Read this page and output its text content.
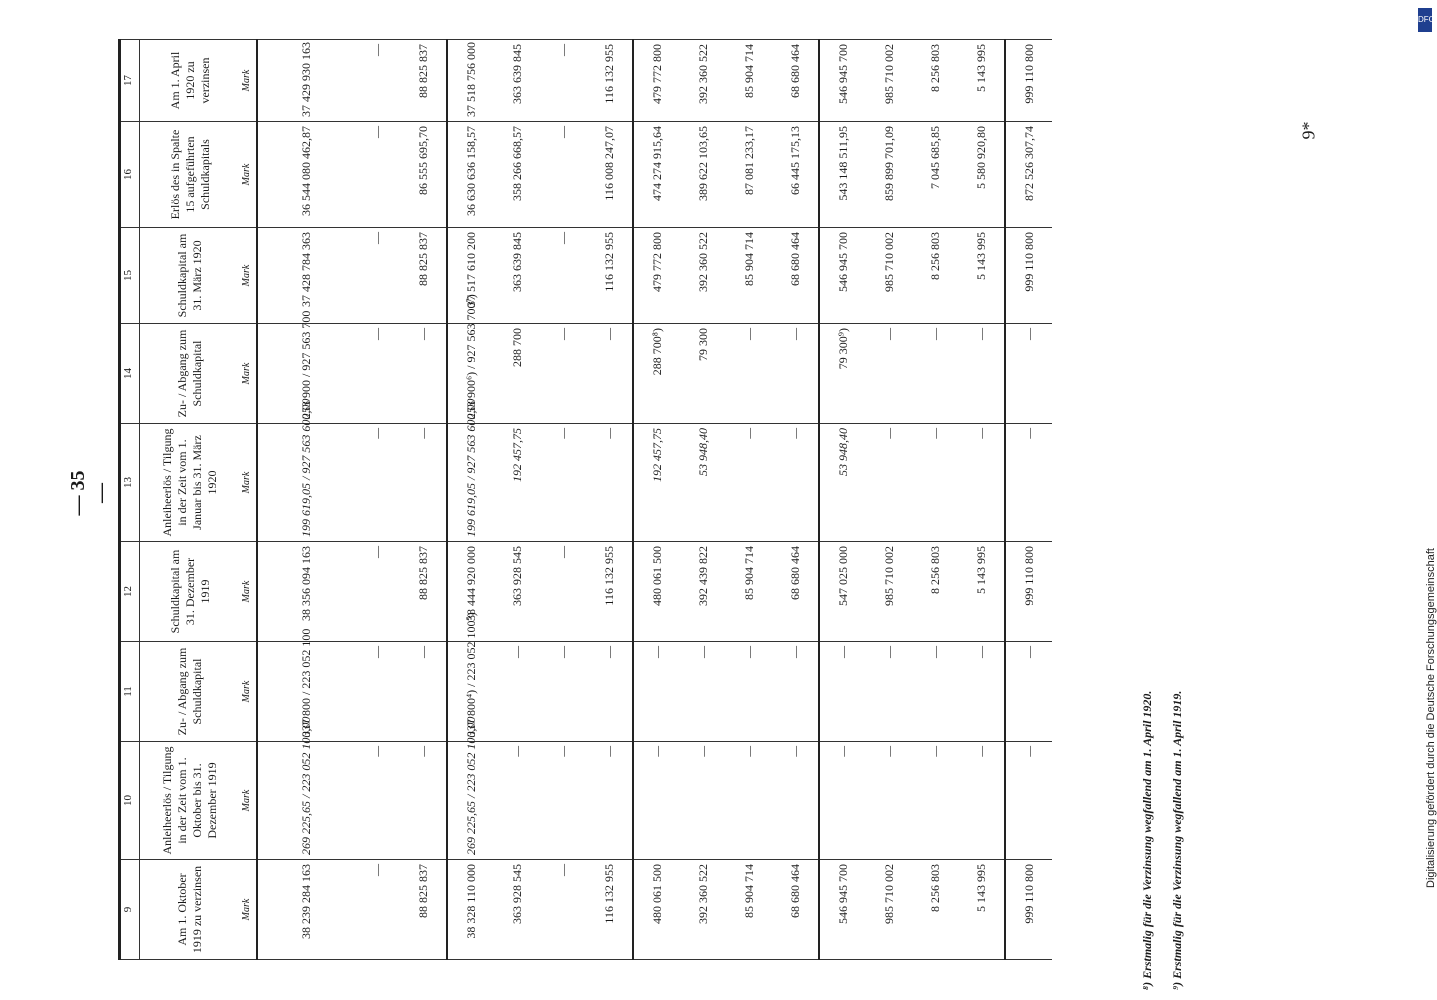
— 35 —
9*
9	10	11	12	13	14	15	16	17
Am 1. Oktober 1919 zu verzinsen	Anleiheerlös / Tilgung in der Zeit vom 1. Oktober bis 31. Dezember 1919	Zu- / Abgang zum Schuldkapital	Schuldkapital am 31. Dezember 1919	Anleiheerlös / Tilgung in der Zeit vom 1. Januar bis 31. März 1920	Zu- / Abgang zum Schuldkapital	Schuldkapital am 31. März 1920	Erlös des in Spalte 15 aufgeführten Schuldkapitals	Am 1. April 1920 zu verzinsen
Mark	Mark	Mark	Mark	Mark	Mark	Mark	Mark	Mark
38 239 284 163	269 225,65 / 223 052 100,00	337 800 / 223 052 100	38 356 094 163	199 619,05 / 927 563 600,00	253 900 / 927 563 700	37 428 784 363	36 544 080 462,87	37 429 930 163
—	—	—	—	—	—	—	—	—
88 825 837	—	—	88 825 837	—	—	88 825 837	86 555 695,70	88 825 837
38 328 110 000	269 225,65 / 223 052 100,00	337 800⁴) / 223 052 100⁵)	38 444 920 000	199 619,05 / 927 563 600,00	253 900⁶) / 927 563 700⁷)	37 517 610 200	36 630 636 158,57	37 518 756 000
363 928 545	—	—	363 928 545	192 457,75	288 700	363 639 845	358 266 668,57	363 639 845
—	—	—	—	—	—	—	—	—
116 132 955	—	—	116 132 955	—	—	116 132 955	116 008 247,07	116 132 955
480 061 500	—	—	480 061 500	192 457,75	288 700⁸)	479 772 800	474 274 915,64	479 772 800
392 360 522	—	—	392 439 822	53 948,40	79 300	392 360 522	389 622 103,65	392 360 522
85 904 714	—	—	85 904 714	—	—	85 904 714	87 081 233,17	85 904 714
68 680 464	—	—	68 680 464	—	—	68 680 464	66 445 175,13	68 680 464
546 945 700	—	—	547 025 000	53 948,40	79 300⁹)	546 945 700	543 148 511,95	546 945 700
985 710 002	—	—	985 710 002	—	—	985 710 002	859 899 701,09	985 710 002
8 256 803	—	—	8 256 803	—	—	8 256 803	7 045 685,85	8 256 803
5 143 995	—	—	5 143 995	—	—	5 143 995	5 580 920,80	5 143 995
999 110 800	—	—	999 110 800	—	—	999 110 800	872 526 307,74	999 110 800
⁸) Erstmalig für die Verzinsung wegfallend am 1. April 1920. ⁹) Erstmalig für die Verzinsung wegfallend am 1. April 1919.	Digitalisierung gefördert durch die Deutsche Forschungsgemeinschaft
DFG
